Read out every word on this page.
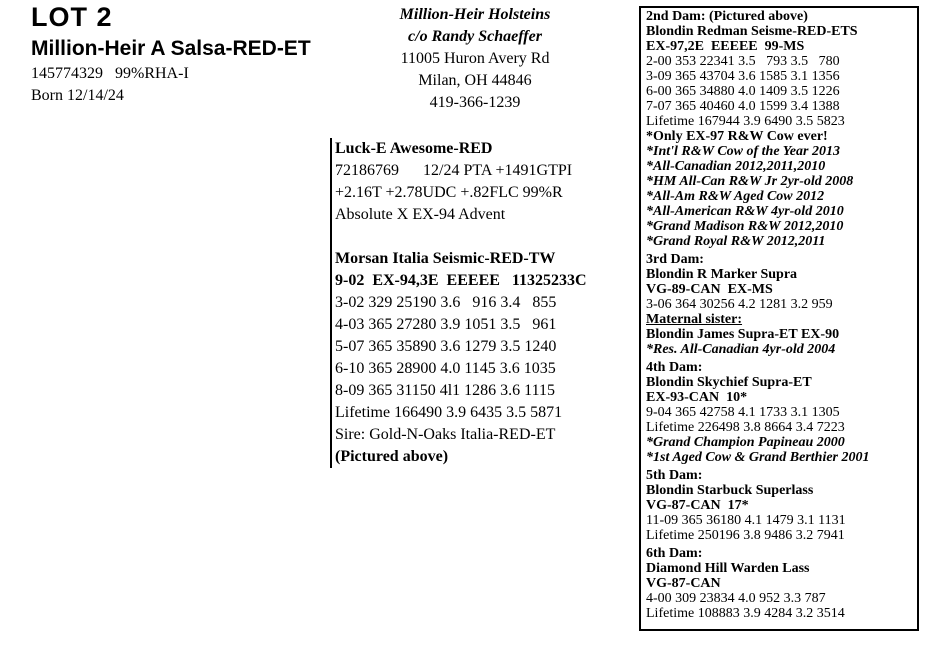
LOT 2
Million-Heir A Salsa-RED-ET
145774329   99%RHA-I
Born 12/14/24
Million-Heir Holsteins
c/o Randy Schaeffer
11005 Huron Avery Rd
Milan, OH 44846
419-366-1239
Luck-E Awesome-RED
72186769      12/24 PTA +1491GTPI
+2.16T +2.78UDC +.82FLC 99%R
Absolute X EX-94 Advent
Morsan Italia Seismic-RED-TW
9-02  EX-94,3E  EEEEE   11325233C
3-02 329 25190 3.6   916 3.4   855
4-03 365 27280 3.9 1051 3.5   961
5-07 365 35890 3.6 1279 3.5 1240
6-10 365 28900 4.0 1145 3.6 1035
8-09 365 31150 4l1 1286 3.6 1115
Lifetime 166490 3.9 6435 3.5 5871
Sire: Gold-N-Oaks Italia-RED-ET
(Pictured above)
2nd Dam: (Pictured above)
Blondin Redman Seisme-RED-ETS
EX-97,2E  EEEEE  99-MS
2-00 353 22341 3.5   793 3.5   780
3-09 365 43704 3.6 1585 3.1 1356
6-00 365 34880 4.0 1409 3.5 1226
7-07 365 40460 4.0 1599 3.4 1388
Lifetime 167944 3.9 6490 3.5 5823
*Only EX-97 R&W Cow ever!
*Int'l R&W Cow of the Year 2013
*All-Canadian 2012,2011,2010
*HM All-Can R&W Jr 2yr-old 2008
*All-Am R&W Aged Cow 2012
*All-American R&W 4yr-old 2010
*Grand Madison R&W 2012,2010
*Grand Royal R&W 2012,2011
3rd Dam:
Blondin R Marker Supra
VG-89-CAN  EX-MS
3-06 364 30256 4.2 1281 3.2 959
Maternal sister:
Blondin James Supra-ET EX-90
*Res. All-Canadian 4yr-old 2004
4th Dam:
Blondin Skychief Supra-ET
EX-93-CAN  10*
9-04 365 42758 4.1 1733 3.1 1305
Lifetime 226498 3.8 8664 3.4 7223
*Grand Champion Papineau 2000
*1st Aged Cow & Grand Berthier 2001
5th Dam:
Blondin Starbuck Superlass
VG-87-CAN  17*
11-09 365 36180 4.1 1479 3.1 1131
Lifetime 250196 3.8 9486 3.2 7941
6th Dam:
Diamond Hill Warden Lass
VG-87-CAN
4-00 309 23834 4.0 952 3.3 787
Lifetime 108883 3.9 4284 3.2 3514
